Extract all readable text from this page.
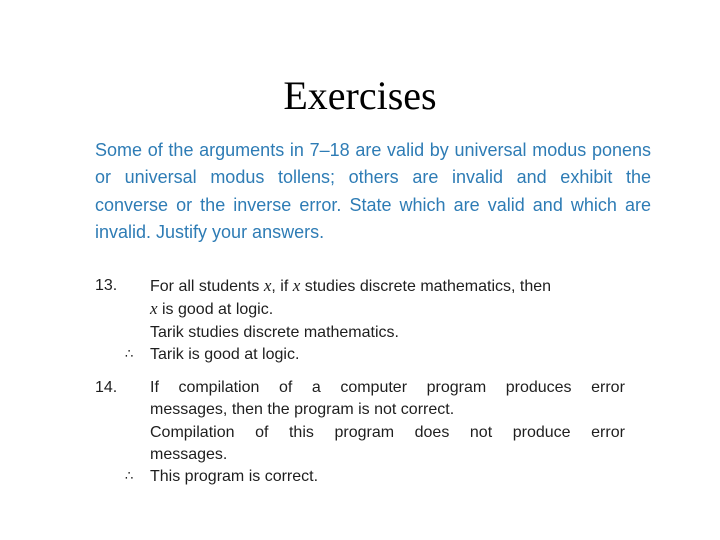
Exercises
Some of the arguments in 7–18 are valid by universal modus ponens or universal modus tollens; others are invalid and exhibit the converse or the inverse error. State which are valid and which are invalid. Justify your answers.
13.	For all students x, if x studies discrete mathematics, then
x is good at logic.
Tarik studies discrete mathematics.
∴ Tarik is good at logic.
14.	If compilation of a computer program produces error
messages, then the program is not correct.
Compilation of this program does not produce error
messages.
∴ This program is correct.
